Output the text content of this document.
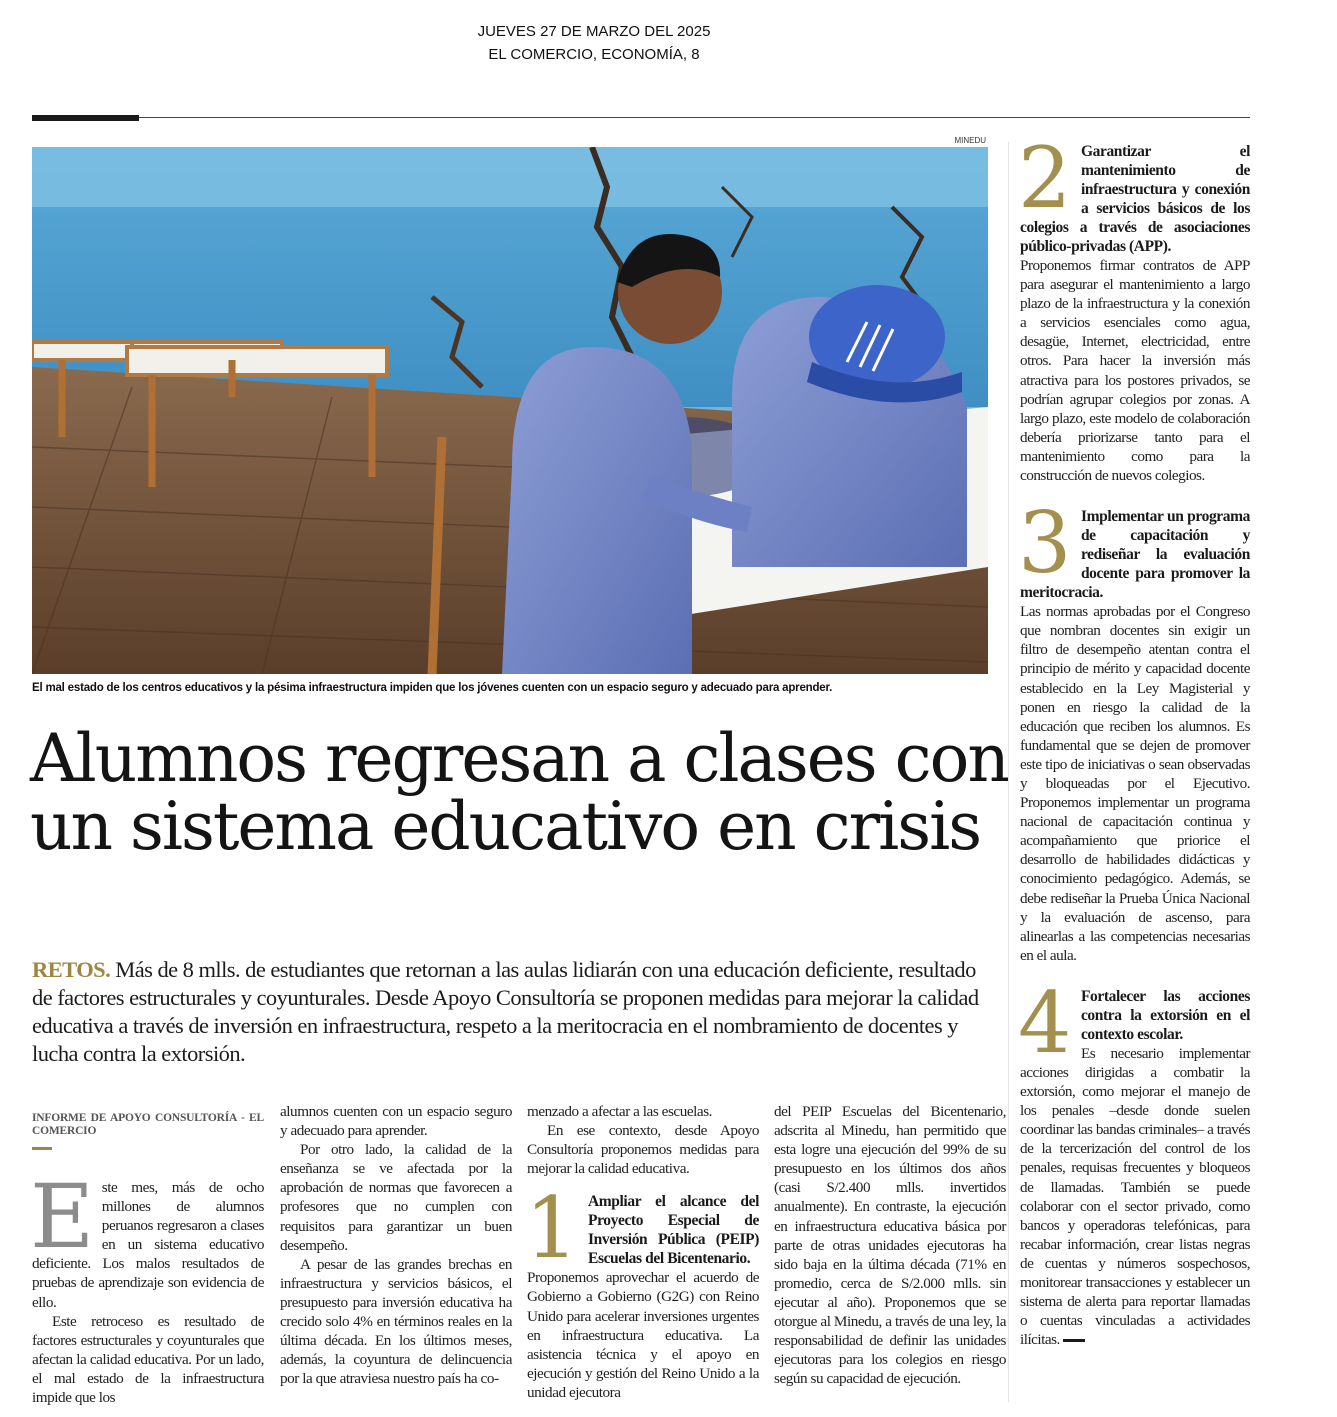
JUEVES 27 DE MARZO DEL 2025
EL COMERCIO, ECONOMÍA, 8
MINEDU
El mal estado de los centros educativos y la pésima infraestructura impiden que los jóvenes cuenten con un espacio seguro y adecuado para aprender.
Alumnos regresan a clases con
un sistema educativo en crisis
RETOS. Más de 8 mlls. de estudiantes que retornan a las aulas lidiarán con una educación deficiente, resultado de factores estructurales y coyunturales. Desde Apoyo Consultoría se proponen medidas para mejorar la calidad educativa a través de inversión en infraestructura, respeto a la meritocracia en el nombramiento de docentes y lucha contra la extorsión.
INFORME DE APOYO CONSULTORÍA - EL COMERCIO

Este mes, más de ocho millones de alumnos peruanos regresaron a clases en un sistema educativo deficiente. Los malos resultados de pruebas de aprendizaje son evidencia de ello.

Este retroceso es resultado de factores estructurales y coyunturales que afectan la calidad educativa. Por un lado, el mal estado de la infraestructura impide que los

alumnos cuenten con un espacio seguro y adecuado para aprender.

Por otro lado, la calidad de la enseñanza se ve afectada por la aprobación de normas que favorecen a profesores que no cumplen con requisitos para garantizar un buen desempeño.

A pesar de las grandes brechas en infraestructura y servicios básicos, el presupuesto para inversión educativa ha crecido solo 4% en términos reales en la última década. En los últimos meses, además, la coyuntura de delincuencia por la que atraviesa nuestro país ha co-

menzado a afectar a las escuelas.

En ese contexto, desde Apoyo Consultoría proponemos medidas para mejorar la calidad educativa.

1 Ampliar el alcance del Proyecto Especial de Inversión Pública (PEIP) Escuelas del Bicentenario.

Proponemos aprovechar el acuerdo de Gobierno a Gobierno (G2G) con Reino Unido para acelerar inversiones urgentes en infraestructura educativa. La asistencia técnica y el apoyo en ejecución y gestión del Reino Unido a la unidad ejecutora

del PEIP Escuelas del Bicentenario, adscrita al Minedu, han permitido que esta logre una ejecución del 99% de su presupuesto en los últimos dos años (casi S/2.400 mlls. invertidos anualmente). En contraste, la ejecución en infraestructura educativa básica por parte de otras unidades ejecutoras ha sido baja en la última década (71% en promedio, cerca de S/2.000 mlls. sin ejecutar al año). Proponemos que se otorgue al Minedu, a través de una ley, la responsabilidad de definir las unidades ejecutoras para los colegios en riesgo según su capacidad de ejecución.

2 Garantizar el mantenimiento de infraestructura y conexión a servicios básicos de los colegios a través de asociaciones público-privadas (APP).

Proponemos firmar contratos de APP para asegurar el mantenimiento a largo plazo de la infraestructura y la conexión a servicios esenciales como agua, desagüe, Internet, electricidad, entre otros. Para hacer la inversión más atractiva para los postores privados, se podrían agrupar colegios por zonas. A largo plazo, este modelo de colaboración debería priorizarse tanto para el mantenimiento como para la construcción de nuevos colegios.

3 Implementar un programa de capacitación y rediseñar la evaluación docente para promover la meritocracia.

Las normas aprobadas por el Congreso que nombran docentes sin exigir un filtro de desempeño atentan contra el principio de mérito y capacidad docente establecido en la Ley Magisterial y ponen en riesgo la calidad de la educación que reciben los alumnos. Es fundamental que se dejen de promover este tipo de iniciativas o sean observadas y bloqueadas por el Ejecutivo. Proponemos implementar un programa nacional de capacitación continua y acompañamiento que priorice el desarrollo de habilidades didácticas y conocimiento pedagógico. Además, se debe rediseñar la Prueba Única Nacional y la evaluación de ascenso, para alinearlas a las competencias necesarias en el aula.

4 Fortalecer las acciones contra la extorsión en el contexto escolar.

Es necesario implementar acciones dirigidas a combatir la extorsión, como mejorar el manejo de los penales –desde donde suelen coordinar las bandas criminales– a través de la tercerización del control de los penales, requisas frecuentes y bloqueos de llamadas. También se puede colaborar con el sector privado, como bancos y operadoras telefónicas, para recabar información, crear listas negras de cuentas y números sospechosos, monitorear transacciones y establecer un sistema de alerta para reportar llamadas o cuentas vinculadas a actividades ilícitas.
